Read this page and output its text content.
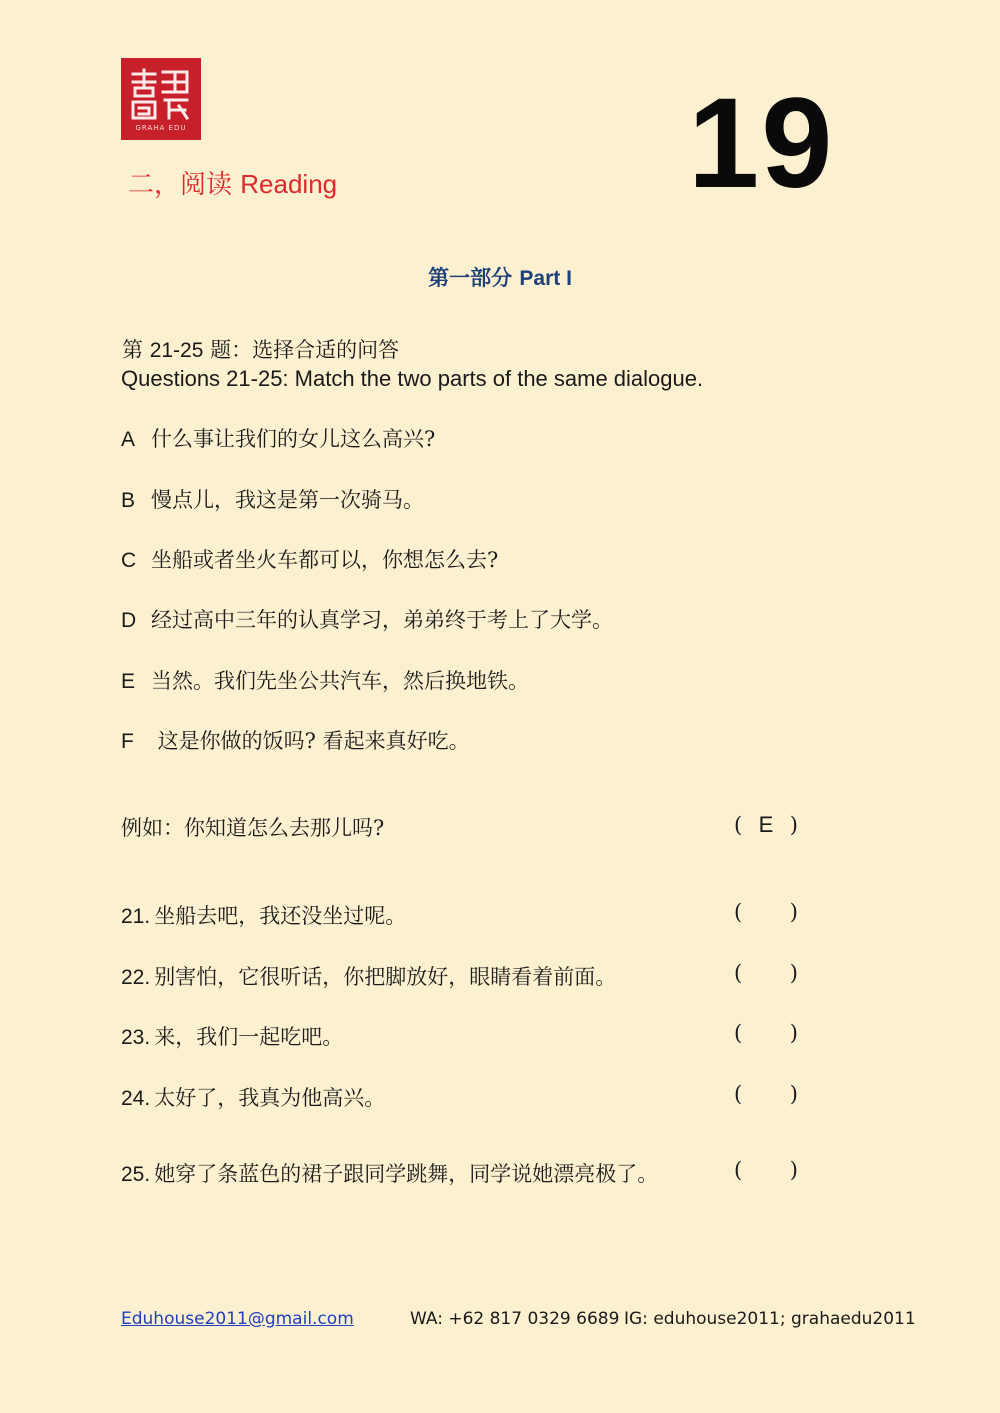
GRAHA EDU
二，阅读 Reading	19
第一部分 Part I
第 21-25 题：选择合适的问答
Questions 21-25: Match the two parts of the same dialogue.
A 什么事让我们的女儿这么高兴?
B 慢点儿，我这是第一次骑马。
C 坐船或者坐火车都可以，你想怎么去?
D 经过高中三年的认真学习，弟弟终于考上了大学。
E 当然。我们先坐公共汽车，然后换地铁。
F 这是你做的饭吗? 看起来真好吃。
例如：你知道怎么去那儿吗?	( E )
21. 坐船去吧，我还没坐过呢。	( )
22. 别害怕，它很听话，你把脚放好，眼睛看着前面。	( )
23. 来，我们一起吃吧。	( )
24. 太好了，我真为他高兴。	( )
25. 她穿了条蓝色的裙子跟同学跳舞，同学说她漂亮极了。	( )
Eduhouse2011@gmail.com	WA: +62 817 0329 6689 IG: eduhouse2011; grahaedu2011
